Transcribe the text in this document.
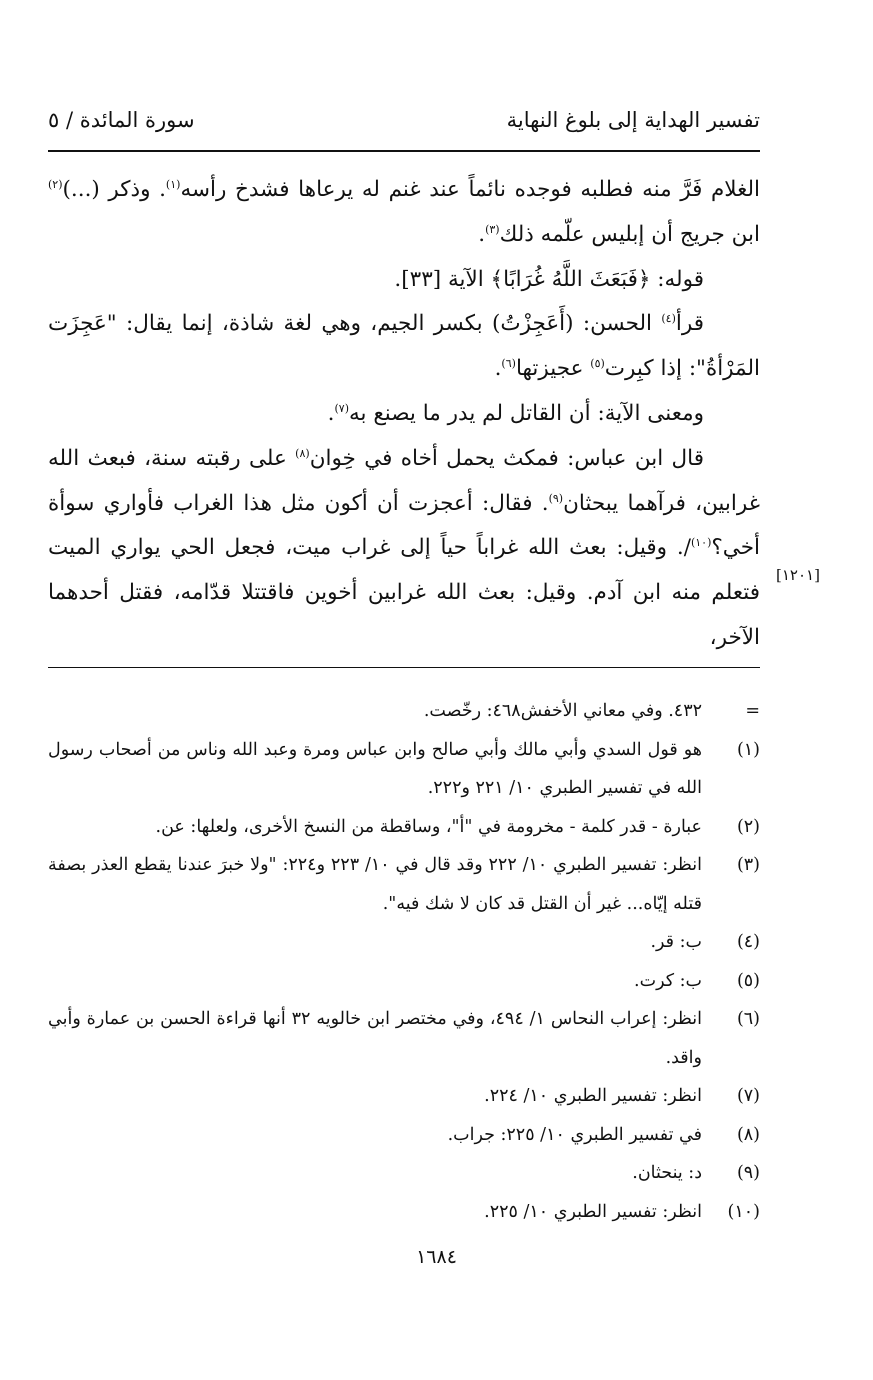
تفسير الهداية إلى بلوغ النهاية
سورة المائدة / ٥

الغلام فَرَّ منه فطلبه فوجده نائماً عند غنم له يرعاها فشدخ رأسه$^{(١)}$. وذكر (...)$^{(٢)}$ ابن جريج أن إبليس علّمه ذلك$^{(٣)}$.

قوله: ﴿فَبَعَثَ اللَّهُ غُرَابًا﴾ الآية [٣٣].

قرأ$^{(٤)}$ الحسن: (أَعَجِزْتُ) بكسر الجيم، وهي لغة شاذة، إنما يقال: "عَجِزَت المَرْأةُ": إذا كبِرت$^{(٥)}$ عجيزتها$^{(٦)}$.

ومعنى الآية: أن القاتل لم يدر ما يصنع به$^{(٧)}$.

قال ابن عباس: فمكث يحمل أخاه في خِوان$^{(٨)}$ على رقبته سنة، فبعث الله غرابين، فرآهما يبحثان$^{(٩)}$. فقال: أعجزت أن أكون مثل هذا الغراب فأواري سوأة أخي؟$^{(١٠)}$/. وقيل: بعث الله غراباً حياً إلى غراب ميت، فجعل الحي يواري الميت فتعلم منه ابن آدم. وقيل: بعث الله غرابين أخوين فاقتتلا قدّامه، فقتل أحدهما الآخر،

[١٢٠١]
=
٤٣٢. وفي معاني الأخفش٤٦٨: رخّصت.
(١)
هو قول السدي وأبي مالك وأبي صالح وابن عباس ومرة وعبد الله وناس من أصحاب رسول الله في تفسير الطبري ١٠/ ٢٢١ و٢٢٢.
(٢)
عبارة - قدر كلمة - مخرومة في "أ"، وساقطة من النسخ الأخرى، ولعلها: عن.
(٣)
انظر: تفسير الطبري ١٠/ ٢٢٢ وقد قال في ١٠/ ٢٢٣ و٢٢٤: "ولا خبرَ عندنا يقطع العذر بصفة قتله إيّاه... غير أن القتل قد كان لا شك فيه".
(٤)
ب: قر.
(٥)
ب: كرت.
(٦)
انظر: إعراب النحاس ١/ ٤٩٤، وفي مختصر ابن خالويه ٣٢ أنها قراءة الحسن بن عمارة وأبي واقد.
(٧)
انظر: تفسير الطبري ١٠/ ٢٢٤.
(٨)
في تفسير الطبري ١٠/ ٢٢٥: جراب.
(٩)
د: ينحثان.
(١٠)
انظر: تفسير الطبري ١٠/ ٢٢٥.
١٦٨٤
